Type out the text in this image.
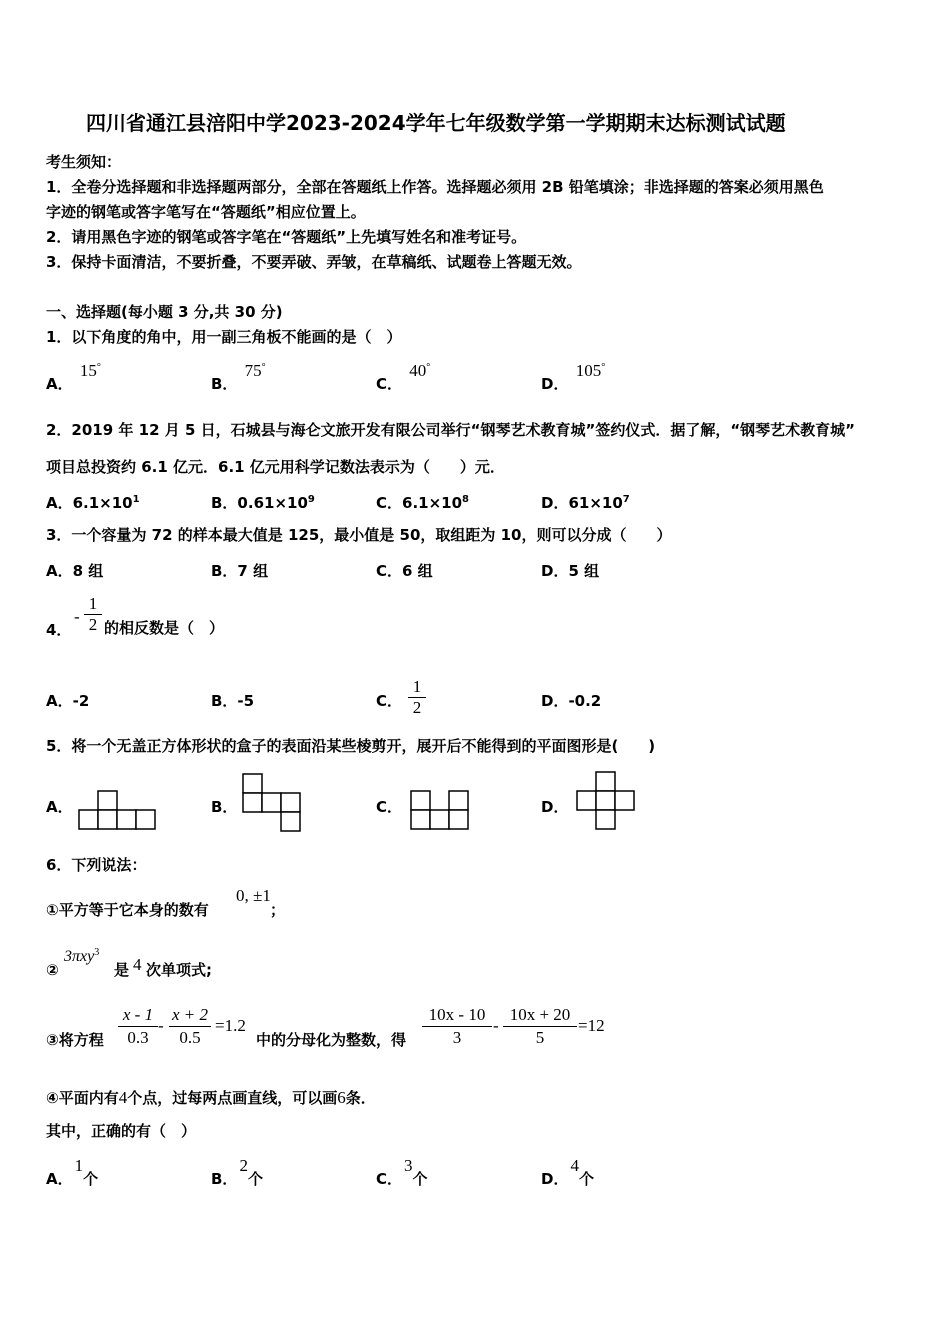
四川省通江县涪阳中学2023-2024学年七年级数学第一学期期末达标测试试题
考生须知：
1．全卷分选择题和非选择题两部分，全部在答题纸上作答。选择题必须用 2B 铅笔填涂；非选择题的答案必须用黑色
字迹的钢笔或答字笔写在“答题纸”相应位置上。
2．请用黑色字迹的钢笔或答字笔在“答题纸”上先填写姓名和准考证号。
3．保持卡面清洁，不要折叠，不要弄破、弄皱，在草稿纸、试题卷上答题无效。
一、选择题(每小题 3 分,共 30 分)
1．以下角度的角中，用一副三角板不能画的是（　）
A． 15°
B． 75°
C． 40°
D． 105°
2．2019 年 12 月 5 日，石城县与海仑文旅开发有限公司举行“钢琴艺术教育城”签约仪式．据了解，“钢琴艺术教育城”
项目总投资约 6.1 亿元．6.1 亿元用科学记数法表示为（　　）元．
A．$6.1\times 10^1$	B．$0.61\times 10^9$	C．$6.1\times 10^8$	D．$61\times 10^7$
3．一个容量为 72 的样本最大值是 125，最小值是 50，取组距为 10，则可以分成（　　）
A．8 组	B．7 组	C．6 组	D．5 组
4．
-
1
2 的相反数是（　）
A．-2	B．-5	C．
1
2	D．-0.2
5．将一个无盖正方体形状的盒子的表面沿某些棱剪开，展开后不能得到的平面图形是(　　)
A．	B．	C．	D．
6．下列说法：
①平方等于它本身的数有
0, ±1
；
②
3πxy$^3$
是 4 次单项式;
③将方程
x - 1
0.3
-
x + 2
0.5
=1.2
中的分母化为整数，得
10x - 10
3
-
10x + 20
5
=12
④平面内有4个点，过每两点画直线，可以画6条．
其中，正确的有（　）
A．1个	B．2个	C．3个	D．4个
